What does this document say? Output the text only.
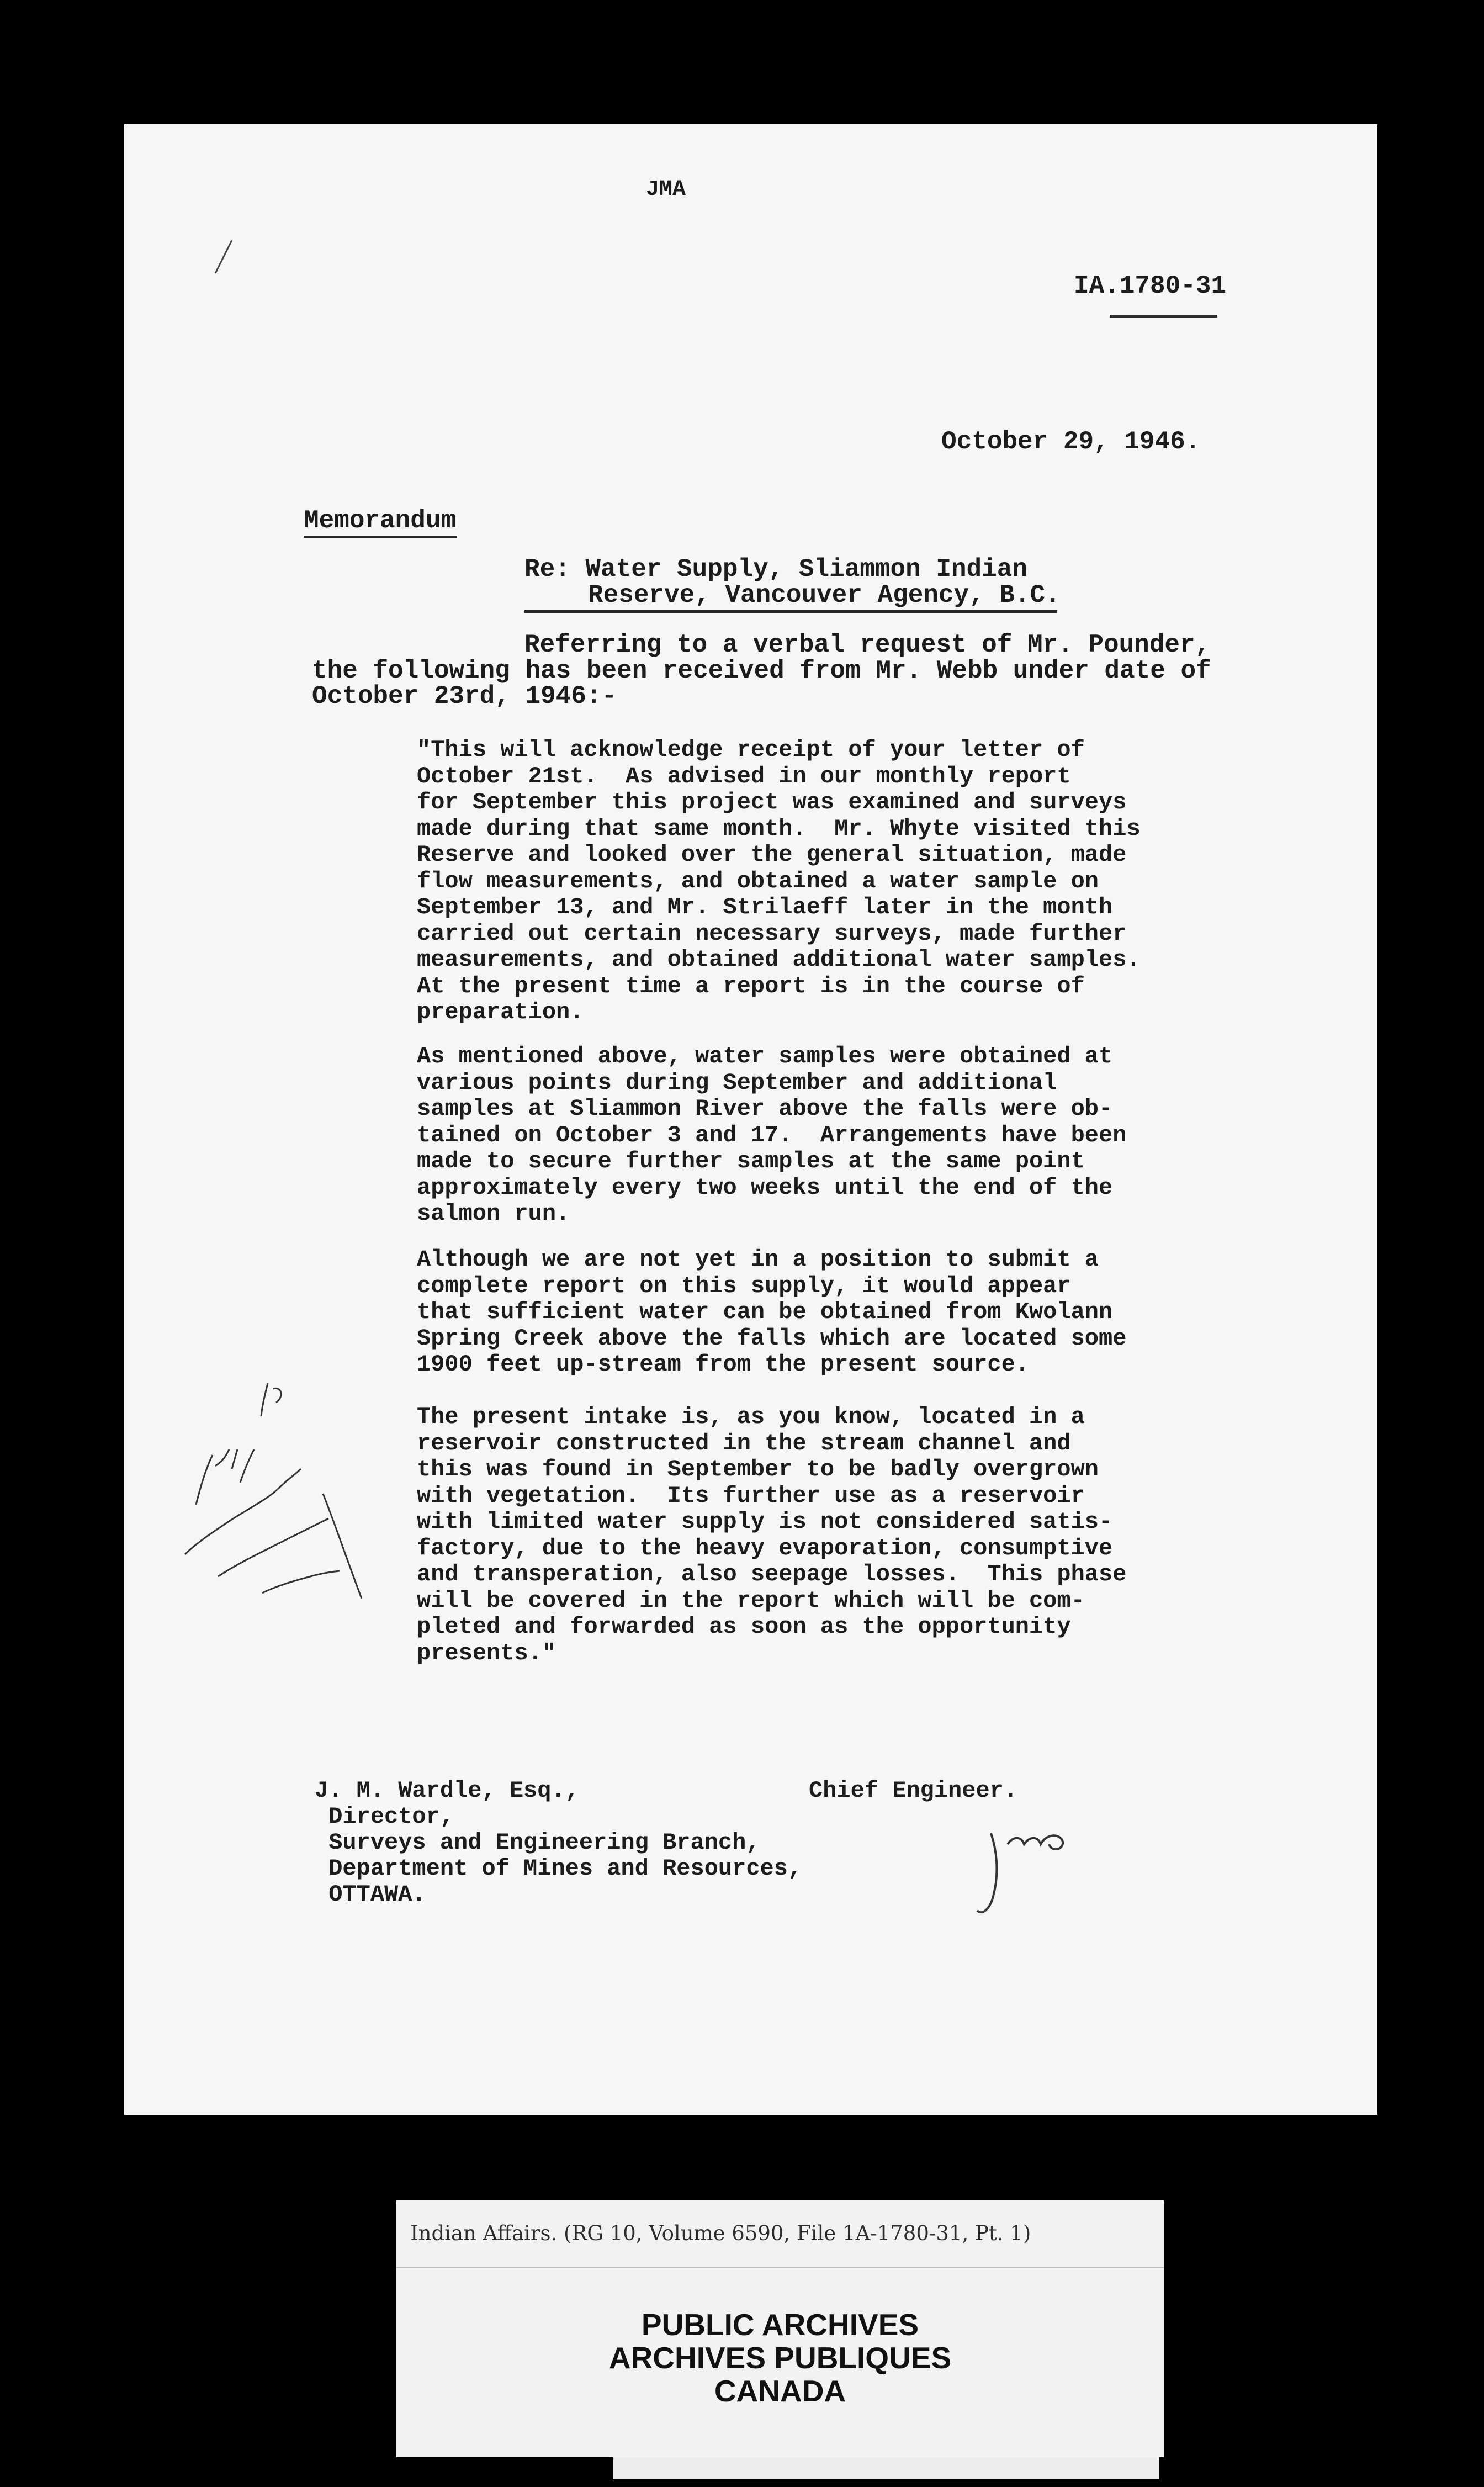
JMA
IA.1780-31
October 29, 1946.
Memorandum
Re: Water Supply, Sliammon Indian
Reserve, Vancouver Agency, B.C.
Referring to a verbal request of Mr. Pounder,
the following has been received from Mr. Webb under date of
October 23rd, 1946:-
"This will acknowledge receipt of your letter of
October 21st.  As advised in our monthly report
for September this project was examined and surveys
made during that same month.  Mr. Whyte visited this
Reserve and looked over the general situation, made
flow measurements, and obtained a water sample on
September 13, and Mr. Strilaeff later in the month
carried out certain necessary surveys, made further
measurements, and obtained additional water samples.
At the present time a report is in the course of
preparation.
As mentioned above, water samples were obtained at
various points during September and additional
samples at Sliammon River above the falls were ob-
tained on October 3 and 17.  Arrangements have been
made to secure further samples at the same point
approximately every two weeks until the end of the
salmon run.
Although we are not yet in a position to submit a
complete report on this supply, it would appear
that sufficient water can be obtained from Kwolann
Spring Creek above the falls which are located some
1900 feet up-stream from the present source.
The present intake is, as you know, located in a
reservoir constructed in the stream channel and
this was found in September to be badly overgrown
with vegetation.  Its further use as a reservoir
with limited water supply is not considered satis-
factory, due to the heavy evaporation, consumptive
and transperation, also seepage losses.  This phase
will be covered in the report which will be com-
pleted and forwarded as soon as the opportunity
presents."
J. M. Wardle, Esq.,
Director,
Surveys and Engineering Branch,
Department of Mines and Resources,
OTTAWA.
Chief Engineer.
Indian Affairs. (RG 10, Volume 6590, File 1A-1780-31, Pt. 1)
PUBLIC ARCHIVES
ARCHIVES PUBLIQUES
CANADA
